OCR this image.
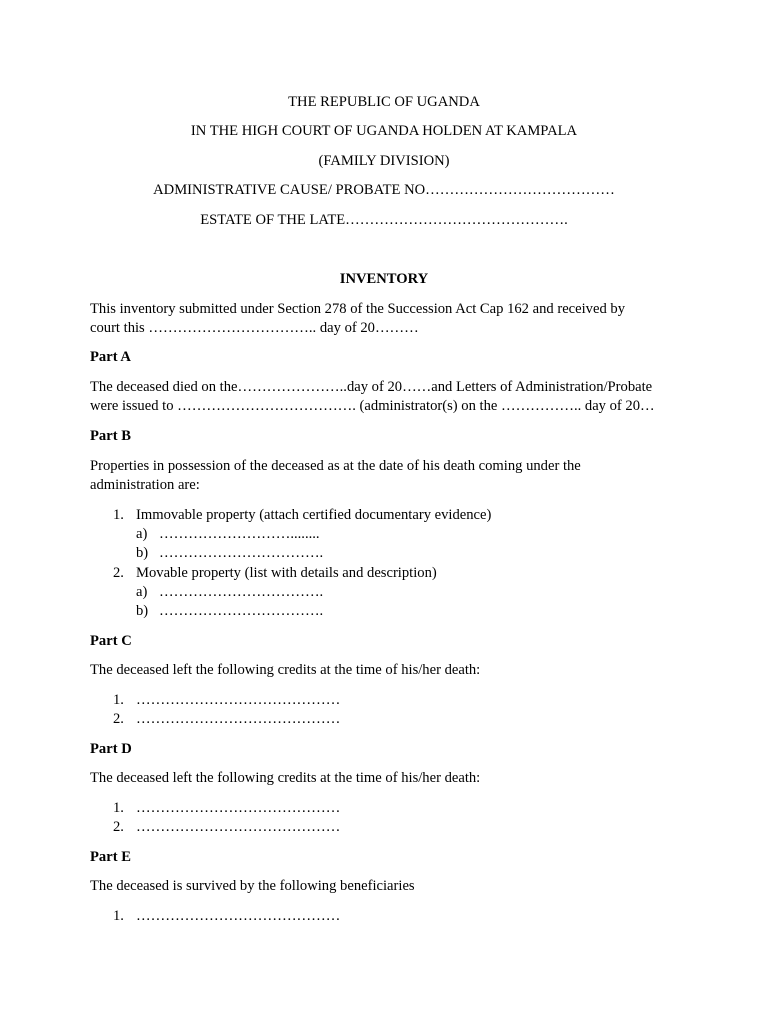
THE REPUBLIC OF UGANDA
IN THE HIGH COURT OF UGANDA HOLDEN AT KAMPALA
(FAMILY DIVISION)
ADMINISTRATIVE CAUSE/ PROBATE NO…………………………………
ESTATE OF THE LATE……………………………………….
INVENTORY
This inventory submitted under Section 278 of the Succession Act Cap 162 and received by
court this …………………………….. day of 20………
Part A
The deceased died on the…………………..day of 20……and Letters of Administration/Probate
were issued to ………………………………. (administrator(s) on the …………….. day of 20…
Part B
Properties in possession of the deceased as at the date of his death coming under the
administration are:
1. Immovable property (attach certified documentary evidence)
a) ………………………........
b) …………………………….
2. Movable property (list with details and description)
a) …………………………….
b) …………………………….
Part C
The deceased left the following credits at the time of his/her death:
1. ……………………………………
2. ……………………………………
Part D
The deceased left the following credits at the time of his/her death:
1. ……………………………………
2. ……………………………………
Part E
The deceased is survived by the following beneficiaries
1. ……………………………………
